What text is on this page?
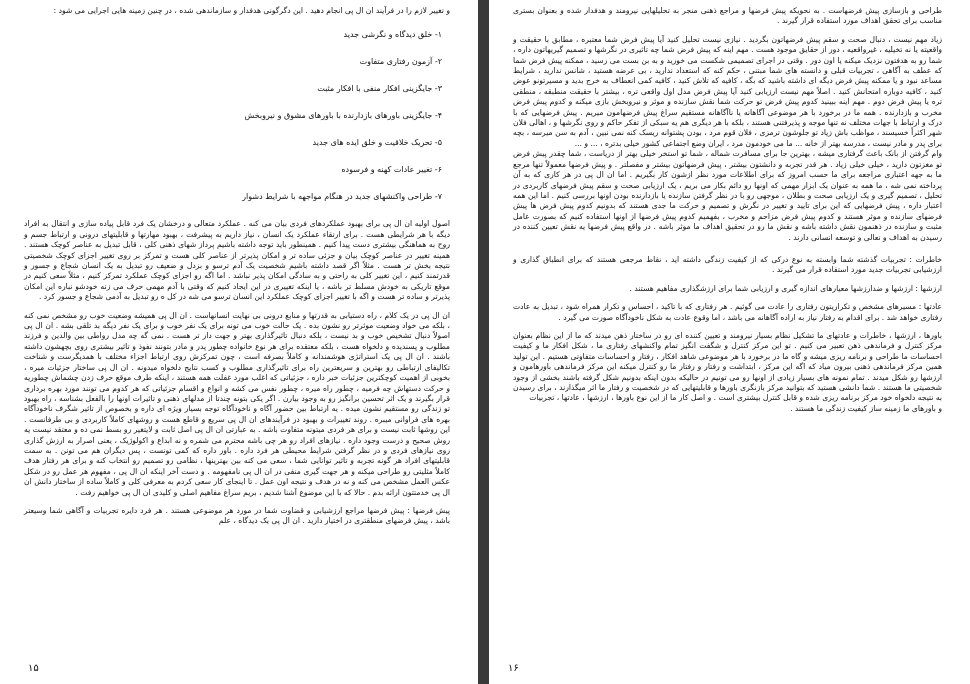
و تغییر لازم را در فرآیند ان ال پی انجام دهید . این دگرگونی هدفدار و سازماندهی شده ، در چنین زمینه هایی اجرایی می شود :

۱- خلق دیدگاه و نگرشی جدید
۲- آزمون رفتاری متفاوت
۳- جایگزینی افکار منفی با افکار مثبت
۴- جایگزینی باورهای بازدارنده با باورهای مشوق و نیروبخش
۵- تحریک خلاقیت و خلق ایده های جدید
۶- تغییر عادات کهنه و فرسوده
۷- طراحی واکنشهای جدید در هنگام مواجهه با شرایط دشوار

اصول اولیه ان ال پی برای بهبود عملکردهای فردی بیان می کنه . عملکرد متعالی و درخشان یک فرد قابل پیاده سازی و انتقال به افراد دیگه با هر شرایطی هست . برای ارتقاء عملکرد یک انسان ، نیاز داریم به پیشرفت ، بهبود مهارتها و قابلیتهای درونی و ارتباط جسم و روح به هماهنگی بیشتری دست پیدا کنیم . همینطور باید توجه داشته باشیم پرداز شهای ذهنی کلی ، قابل تبدیل به عناصر کوچک هستند . همینه تغییر در عناصر کوچک بیان و جزئی ساده تر و امکان پذیرتر از عناصر کلی هست و تمرکز بر روی تغییر اجزای کوچک شخصیتی نتیجه بخش تر هست . مثلاً اگر قصد داشته باشیم شخصیت یک آدم ترسو و بزدل و ضعیف رو تبدیل به یک انسان شجاع و جسور و قدرتمند کنیم ، این تغییر کلی به راحتی و به سادگی امکان پذیر نباشد . اما اگه رو اجزای کوچک عملکرد تمرکز کنیم ، مثلاً سعی کنیم در موقع تاریکی به خودش مسلط تر باشه ، یا اینکه تغییری در این ایجاد کنیم که وقتی با آدم مهمی حرف می زنه خودشو نباره این امکان پذیرتر و ساده تر هست و اگه با تغییر اجزای کوچک عملکرد این انسان ترسو می شه در کل ه رو تبدیل به آدمی شجاع و جسور کرد .

ان ال پی در یک کلام ، راه دستیابی به قدرتها و منابع درونی بی نهایت انسانهاست . ان ال پی همیشه وضعیت خوب رو مشخص نمی کنه ، بلکه می خواد وضعیت موثرتر رو نشون بده . یک حالت خوب می تونه برای یک نفر خوب و برای یک نفر دیگه بد تلقی بشه . ان ال پی اصولاً دنبال تشخیص خوب و بد نیست ، بلکه دنبال تاثیرگذاری بهتر و جهت دار تر هست . نمی گه چه مدل رواطی بین والدین و فرزند مطلوب و پسندیده و دلخواه هست ، بلکه معتقده برای هر نوع خانواده چطور پدر و مادر بتونند نفوذ و تاثیر بیشتری روی بچهشون داشته باشند . ان ال پی یک استراتژی هوشمندانه و کاملاً بصرفه است ، چون تمرکزش روی ارتباط اجزاء مختلف با همدیگرست و شناخت تکالیفای ارتباطی رو بهترین و سریعترین راه برای تاثیرگذاری مطلوب و کسب نتایج دلخواه میدونه . ان ال پی ساختار جزئیات میره ، بخوبی از اهمیت کوچکترین جزئیات خبر داره ، جزئیاتی که اغلب مورد غفلت همه هستند ، اینکه طرف موقع حرف زدن چشماش چطوریه و حرکت دستهاش چه فرمیه ، چطور راه میره ، چطور نفس می کشه و انواع و اقسام جزئیاتی که هر کدوم می تونند مورد بهره برداری قرار بگیرند و یک اثر تحسین برانگیز رو به وجود بیارن . اگر یکی بتونه چندتا از مدلهای ذهنی و تاثیرات اونها را بالفعل بشناسه ، راه بهبود تو زندگی رو مستقیم نشون میده . یه ارتباط بین حضور آگاه و ناخودآگاه توجه بسیار ویژه ای داره و بخصوص از تاثیر شگرف ناخودآگاه بهره های فراوانی میبره . روند تغییرات و بهبود در فرآیندهای ان ال پی سریع و قاطع هست و روشهای کاملاً کاربردی و بی طرفانست . این روشها ثابت نیست و برای هر فردی میتونه متفاوت باشه . به عبارتی ان ال پی اصل ثابت و لایتغیر رو بسط نمی ده و معتقد نیست یه روش صحیح و درست وجود داره . نیازهای افراد رو هر چی باشه محترم می شمره و نه ابداع و اکولوژیک ، یعنی اصرار به ارزش گذاری روی نیازهای فردی و در نظر گرفتن شرایط محیطی هر فرد داره . باور داره که کمی تونست ، پس دیگران هم می تونن . به سمت قابلیتهای افراد هر گونه تجربه و تاثیر توانایی شما ، سعی می کنه بین بهترینها ، نظامی رو تصمیم رو انتخاب کنه و برای هر رفتار هدف کاملاً مثلیتی رو طراحی میکنه و هر جهت گیری منفی در ان ال پی نامفهومه . و دست آخر اینکه ان ال پی ، مفهوم هر عمل رو در شکل عکس العمل مشخص می کنه و نه در هدف و نتیجه اون عمل . تا اینجای کار سعی کردم به معرفی کلی و کاملاً ساده از ساختار دانش ان ال پی خدمتتون ارائه بدم . حالا که با این موضوع آشنا شدیم ، بریم سراغ مفاهیم اصلی و کلیدی ان ال پی خواهیم رفت .

پیش فرضها : پیش فرضها مراجع ارزشیابی و قضاوت شما در مورد هر موضوعی هستند . هر فرد دایره تجربیات و آگاهی شما وسیعتر باشد ، پیش فرضهای منطقتری در اختیار دارید . ان ال پی یک دیدگاه ، علم

۱۵

طراحی و بازسازی پیش فرضهاست . به نحویکه پیش فرضها و مراجع ذهنی منجر به تحلیلهایی نیرومند و هدفدار شده و بعنوان بستری مناسب برای تحقق اهداف مورد استفاده قرار گیرند .

زیاد مهم نیست ، دنبال صحت و سقم پیش فرضهاتون بگردید . نیازی نیست تحلیل کنید آیا پیش فرض شما معتبره ، مطابق با حقیقت و واقعیته یا نه تخیلیه ، غیرواقعیه ، دور از حقایق موجود هست . مهم اینه که پیش فرض شما چه تاثیری در نگرشها و تصمیم گیریهاتون داره ، شما رو به هدفتون نزدیک میکنه یا اون دور . وقتی در اجرای تصمیمی شکست می خورید و به بن بست می رسید ، ممکنه پیش فرض شما که عطف به آگاهی ، تجربیات قبلی و دانسته های شما مبتنی ، حکم کنه که استعداد ندارید ، بی عرضه هستید ، شانس ندارید ، شرایط مساعد نبود و یا ممکنه پیش فرض دیگه ای داشته باشید که بگه ، کافیه که تلاش کنید ، کافیه کمی انعطاف به خرج بدید و مسیرتونو عوض کنید ، کافیه دوباره امتحانش کنید . اصلاً مهم نیست ارزیابی کنید آیا پیش فرض مدل اول واقعی تره ، بیشتر با حقیقت منطبقه ، منطقی تره یا پیش فرض دوم . مهم اینه ببینید کدوم پیش فرض تو حرکت شما نقش سازنده و موثر و نیروبخش بازی میکنه و کدوم پیش فرض مخرب و بازدارنده . همه ما در برخورد با هر موضوعی آگاهانه یا ناآگاهانه مستقیم سراغ پیش فرضهامون میریم . پیش فرضهایی که با درک و ارتباط با جهات مختلف نه تنها موجه و پذیرفتنی هستند ، بلکه با هر دیگری هم یه سبکی از تفکر حاکم و روی نگرشها و ، اهالی فلان شهر اکثراً خسیسند ، مواظب باش زیاد تو جلوشون ترمزی ، فلان قوم مرد ، بودن پشتوانه ریسک کنه نمی نبین ، آدم به سن میرسه ، بچه برای پدر و مادر نیست ، مدرسه بهتر از خانه ... ما می خودمون مرد ، ایران وضع اجتماعی کشور خیلی بدتره ، ... و ...

وام گرفتن از بانک باعث گرفتاری میشه ، بهترین جا برای مسافرت شماله ، شما تو استخر خیلی بهتر از دریاست ، شما چقدر پیش فرض تو مغزتون دارید ، خیلی خیلی زیاد . هر قدر تجربه و دانشتون بیشتر ، پیش فرضهاتون بیشتر و مفصلتر . و پیش فرضها معمولاً تنها مرجع ما به جهه اعتباری مراجعه برای ما حسب امروز که برای اطلاعات مورد نظر ازشون کار بگیریم . اما ان ال پی در هر کاری که به آن پرداخته نمی شه ، ما همه به عنوان یک ابزار مهمی که اونها رو دائم بکار می بریم ، یک ارزیابی صحت و سقم پیش فرضهای کاربردی در تحلیل ، تصمیم گیری و یک ارزیابی صحت و بطلان ، موجهی رو با در نظر گرفتن سازنده یا بازدارنده بودن اونها بررسی کنیم . اما این همه اعتبار داره ، پیش فرضهایی که این برای تایید و تغییر در نگرش و تصمیم و حرکت ما جدی هستند که بدونیم کدوم پیش فرض ها پیش فرضهای سازنده و موثر هستند و کدوم پیش فرض مزاحم و مخرب ، بفهمیم کدوم پیش فرضها از اونها استفاده کنیم که بصورت عامل مثبت و سازنده در ذهنمون نقش داشته باشه و نقش ما رو در تحقیق اهداف ما موثر باشه . در واقع پیش فرضها یه نقش تعیین کننده در رسیدن به اهداف و تعالی و توسعه انسانی دارند .

خاطرات : تجربیات گذشته شما وابسته به نوع درکی که از کیفیت زندگی داشته اید ، نقاط مرجعی هستند که برای انطباق گذاری و ارزشیابی تجربیات جدید مورد استفاده قرار می گیرند .

ارزشها : ارزشها و ضدارزشها معیارهای اندازه گیری و ارزیابی شما برای ارزشگذاری مفاهیم هستند .

عادتها : مسیرهای مشخص و تکراریتون رفتاری را عادت می گوئیم . هر رفتاری که با تاکید ، احساس و تکرار همراه شود ، تبدیل به عادت رفتاری خواهد شد . برای اقدام به رفتار نیاز به اراده آگاهانه می باشد ، اما وقوع عادت به شکل ناخودآگاه صورت می گیرد .

باورها ، ارزشها ، خاطرات و عادتهای ما تشکیل نظام بسیار نیرومند و تعیین کننده ای رو در ساختار ذهن میدند که ما از این نظام بعنوان مرکز کنترل و فرماندهی ذهن تعبیر می کنیم . تو این مرکز کنترل و شگفت انگیز تمام واکنشهای رفتاری ما ، شکل افکار ما و کیفیت احساسات ما طراحی و برنامه ریزی میشه و گاه ما در برخورد با هر موضوعی شاهد افکار ، رفتار و احساسات متفاوتی هستیم . این تولید همین مرکز فرماندهی ذهنی بیرون میاد که اگه این مرکز ، ابتداشت و رفتار و رفتار ما رو کنترل میکنه این مرکز فرماندهی باورهامون و ارزشها رو شکل میدند . تمام نمونه های بسیار زیادی از اونها رو می تونیم در حالیکه بدون اینکه بدونیم شکل گرفته باشند بخشی از وجود شخصیتی ما هستند . شما دانشی هستید که بتوانید مرکز بازنگری باورها و قابلیتهایی که در شخصیت و رفتار ما اثر میگذارند ، برای رسیدن به نتیجه دلخواه خود مرکز برنامه ریزی شده و قابل کنترل بیشتری است . و اصل کار ما از این نوع باورها ، ارزشها ، عادتها ، تجربیات

و باورهای ما زمینه ساز کیفیت زندگی ما هستند .

۱۶
